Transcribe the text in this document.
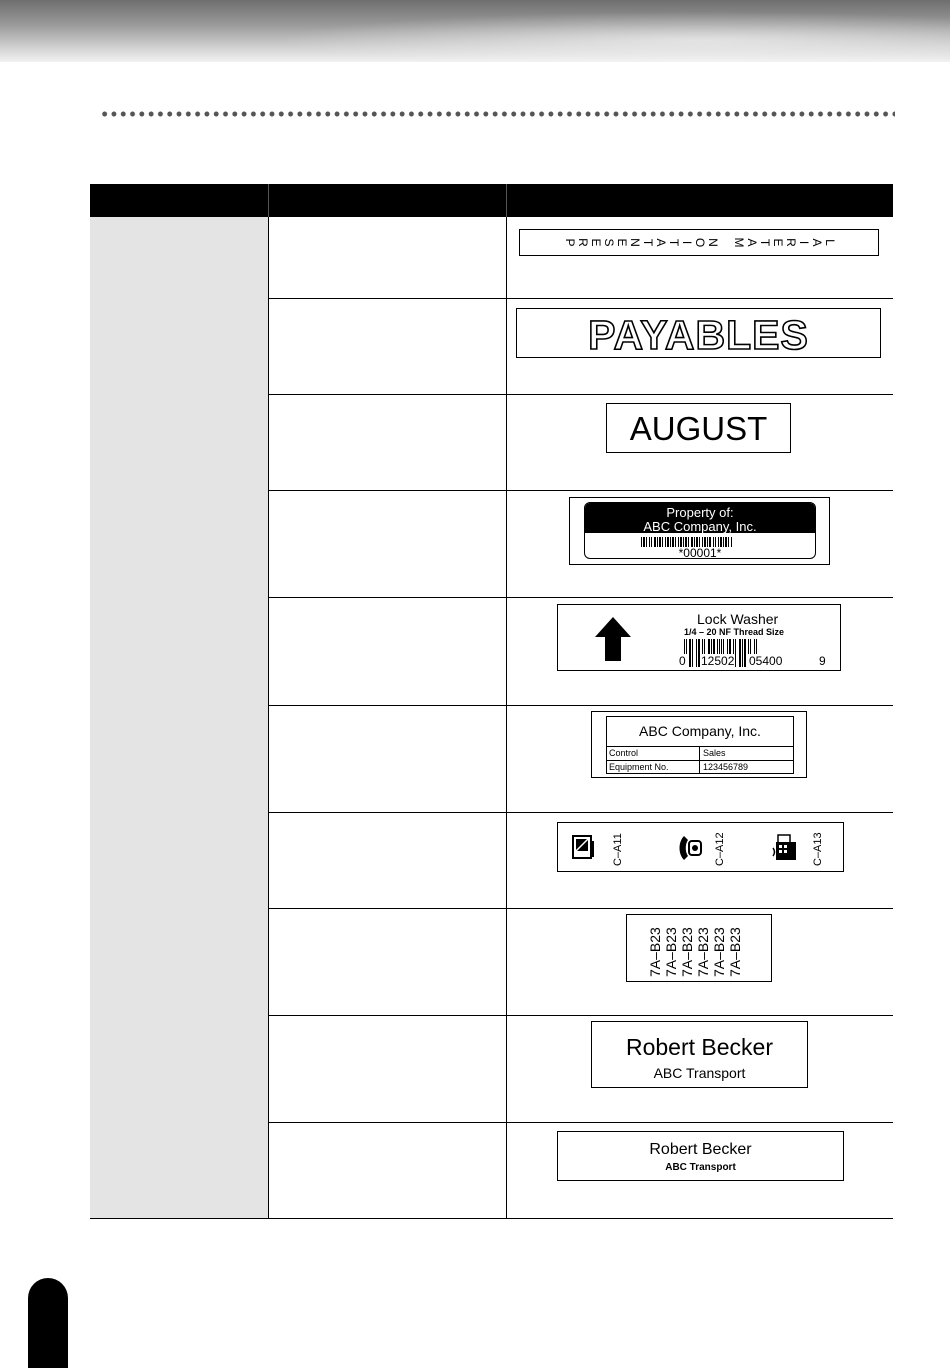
P R E S E N T A T I O N M A T E R I A L
PAYABLES
AUGUST
Property of:
ABC Company, Inc.
*00001*
Lock Washer
1/4 – 20 NF Thread Size
0 12502 05400	9
ABC Company, Inc.
Control	Sales
Equipment No.	123456789
C–A11	C–A12	C–A13
7A–B23 7A–B23 7A–B23 7A–B23 7A–B23 7A–B23
Robert Becker
ABC Transport
Robert Becker
ABC Transport
